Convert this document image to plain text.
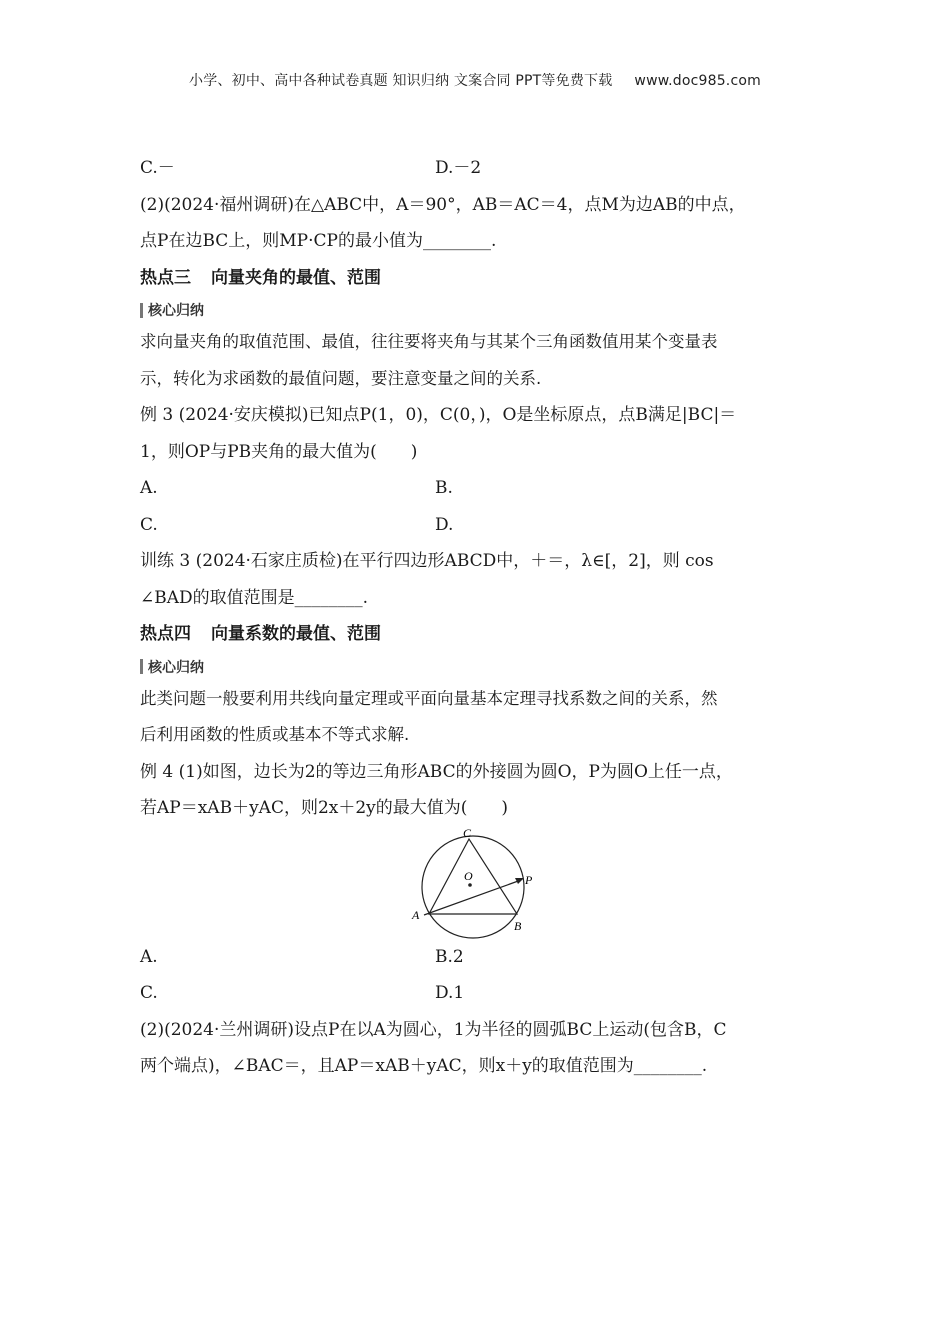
小学、初中、高中各种试卷真题 知识归纳 文案合同 PPT等免费下载 www.doc985.com
C.－	D.－2
(2)(2024·福州调研)在△ABC中，A＝90°，AB＝AC＝4，点M为边AB的中点，
点P在边BC上，则MP·CP的最小值为________.
热点三 向量夹角的最值、范围
核心归纳
求向量夹角的取值范围、最值，往往要将夹角与其某个三角函数值用某个变量表
示，转化为求函数的最值问题，要注意变量之间的关系.
例 3 (2024·安庆模拟)已知点P(1，0)，C(0，)，O是坐标原点，点B满足|BC|＝
1，则OP与PB夹角的最大值为(　　)
A.	B.
C.	D.
训练 3 (2024·石家庄质检)在平行四边形ABCD中，＋＝，λ∈[，2]，则 cos
∠BAD的取值范围是________.
热点四 向量系数的最值、范围
核心归纳
此类问题一般要利用共线向量定理或平面向量基本定理寻找系数之间的关系，然
后利用函数的性质或基本不等式求解.
例 4 (1)如图，边长为2的等边三角形ABC的外接圆为圆O，P为圆O上任一点，
若AP＝xAB＋yAC，则2x＋2y的最大值为(　　)
A
B
C
O	P
A.	B.2
C.	D.1
(2)(2024·兰州调研)设点P在以A为圆心，1为半径的圆弧BC上运动(包含B，C
两个端点)，∠BAC＝，且AP＝xAB＋yAC，则x＋y的取值范围为________.
